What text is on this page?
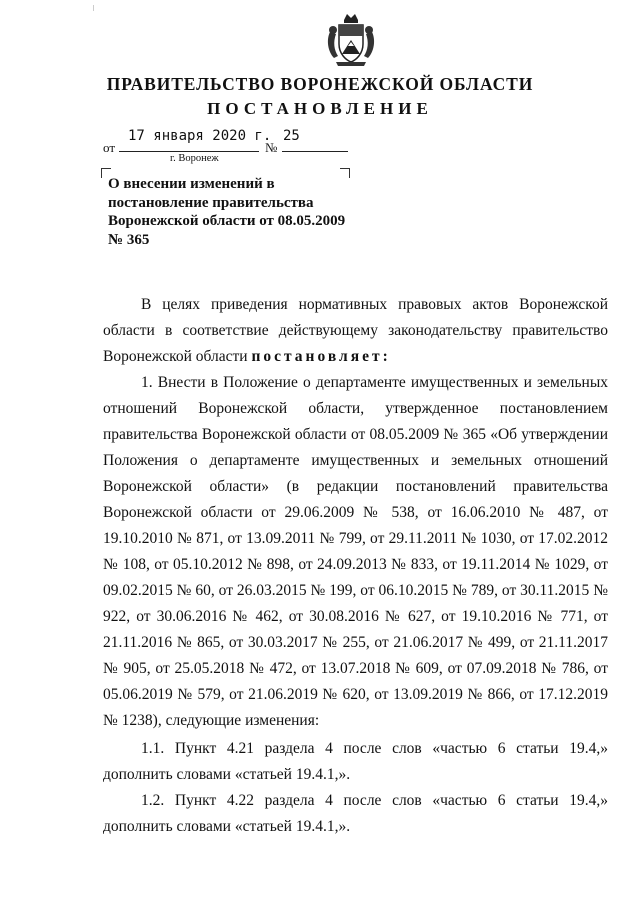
ПРАВИТЕЛЬСТВО ВОРОНЕЖСКОЙ ОБЛАСТИ
ПОСТАНОВЛЕНИЕ
от
17 января 2020 г.
№
25
г. Воронеж
О внесении изменений в постановление правительства Воронежской области от 08.05.2009 № 365
В целях приведения нормативных правовых актов Воронежской области в соответствие действующему законодательству правительство Воронежской области постановляет:
1. Внести в Положение о департаменте имущественных и земельных отношений Воронежской области, утвержденное постановлением правительства Воронежской области от 08.05.2009 № 365 «Об утверждении Положения о департаменте имущественных и земельных отношений Воронежской области» (в редакции постановлений правительства Воронежской области от 29.06.2009 № 538, от 16.06.2010 № 487, от 19.10.2010 № 871, от 13.09.2011 № 799, от 29.11.2011 № 1030, от 17.02.2012 № 108, от 05.10.2012 № 898, от 24.09.2013 № 833, от 19.11.2014 № 1029, от 09.02.2015 № 60, от 26.03.2015 № 199, от 06.10.2015 № 789, от 30.11.2015 № 922, от 30.06.2016 № 462, от 30.08.2016 № 627, от 19.10.2016 № 771, от 21.11.2016 № 865, от 30.03.2017 № 255, от 21.06.2017 № 499, от 21.11.2017 № 905, от 25.05.2018 № 472, от 13.07.2018 № 609, от 07.09.2018 № 786, от 05.06.2019 № 579, от 21.06.2019 № 620, от 13.09.2019 № 866, от 17.12.2019 № 1238), следующие изменения:
1.1. Пункт 4.21 раздела 4 после слов «частью 6 статьи 19.4,» дополнить словами «статьей 19.4.1,».
1.2. Пункт 4.22 раздела 4 после слов «частью 6 статьи 19.4,» дополнить словами «статьей 19.4.1,».
